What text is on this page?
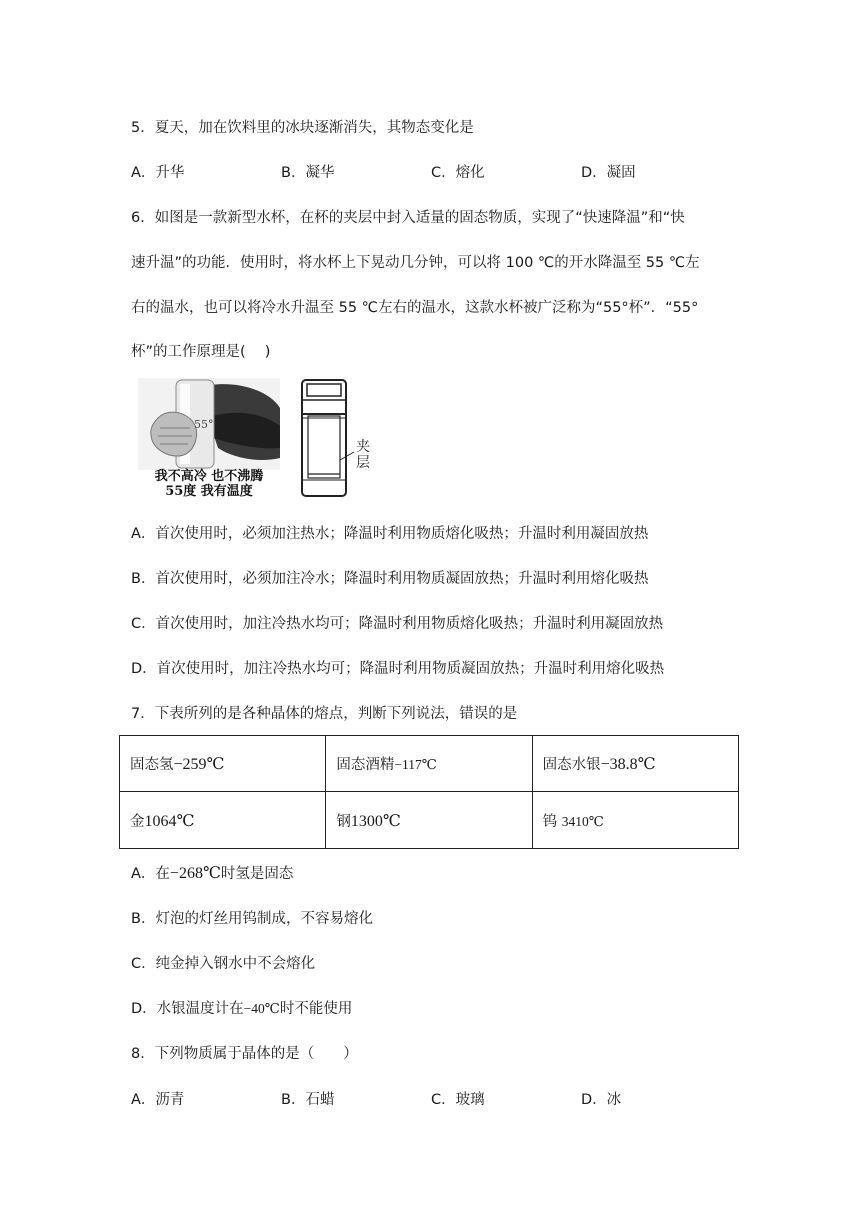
5．夏天，加在饮料里的冰块逐渐消失，其物态变化是
A．升华	B．凝华	C．熔化	D．凝固
6．如图是一款新型水杯，在杯的夹层中封入适量的固态物质，实现了“快速降温”和“快
速升温”的功能．使用时，将水杯上下晃动几分钟，可以将 100 ℃的开水降温至 55 ℃左
右的温水，也可以将冷水升温至 55 ℃左右的温水，这款水杯被广泛称为“55°杯”．“55°
杯”的工作原理是(　 )
55°
我不高冷 也不沸腾
55度 我有温度
夹
层
A．首次使用时，必须加注热水；降温时利用物质熔化吸热；升温时利用凝固放热
B．首次使用时，必须加注冷水；降温时利用物质凝固放热；升温时利用熔化吸热
C．首次使用时，加注冷热水均可；降温时利用物质熔化吸热；升温时利用凝固放热
D．首次使用时，加注冷热水均可；降温时利用物质凝固放热；升温时利用熔化吸热
7．下表所列的是各种晶体的熔点，判断下列说法，错误的是
固态氢−259℃	固态酒精−117℃	固态水银−38.8℃
金1064℃	钢1300℃	钨 3410℃
A．在−268℃时氢是固态
B．灯泡的灯丝用钨制成，不容易熔化
C．纯金掉入钢水中不会熔化
D．水银温度计在−40℃时不能使用
8．下列物质属于晶体的是（　　）
A．沥青	B．石蜡	C．玻璃	D．冰
